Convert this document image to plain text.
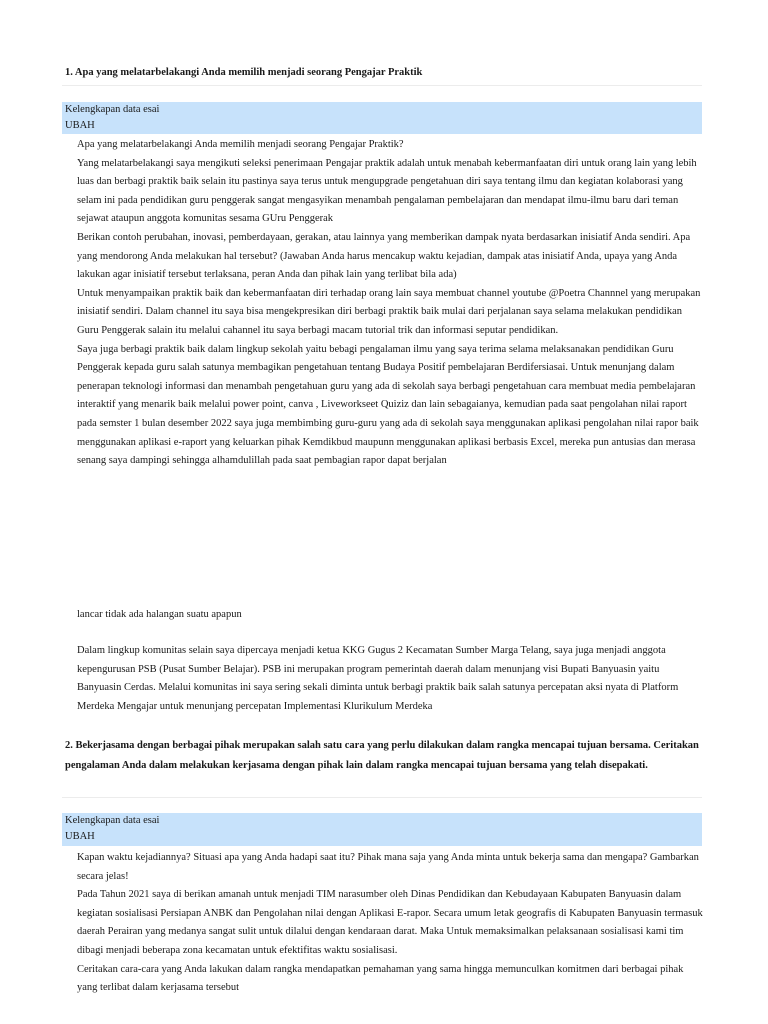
1. Apa yang melatarbelakangi Anda memilih menjadi seorang Pengajar Praktik
Kelengkapan data esai
UBAH

Apa yang melatarbelakangi Anda memilih menjadi seorang Pengajar Praktik?

Yang melatarbelakangi saya mengikuti seleksi penerimaan Pengajar praktik adalah untuk menabah kebermanfaatan diri untuk orang lain yang lebih luas dan berbagi praktik baik selain itu pastinya saya terus untuk mengupgrade pengetahuan diri saya tentang ilmu dan kegiatan kolaborasi yang selam ini pada pendidikan guru penggerak sangat mengasyikan menambah pengalaman pembelajaran dan mendapat ilmu-ilmu baru dari teman sejawat ataupun anggota komunitas sesama GUru Penggerak

Berikan contoh perubahan, inovasi, pemberdayaan, gerakan, atau lainnya yang memberikan dampak nyata berdasarkan inisiatif Anda sendiri. Apa yang mendorong Anda melakukan hal tersebut? (Jawaban Anda harus mencakup waktu kejadian, dampak atas inisiatif Anda, upaya yang Anda lakukan agar inisiatif tersebut terlaksana, peran Anda dan pihak lain yang terlibat bila ada)

Untuk menyampaikan praktik baik dan kebermanfaatan diri terhadap orang lain saya membuat channel youtube @Poetra Channnel yang merupakan inisiatif sendiri. Dalam channel itu saya bisa mengekpresikan diri berbagi praktik baik mulai dari perjalanan saya selama melakukan pendidikan Guru Penggerak salain itu melalui cahannel itu saya berbagi macam tutorial trik dan informasi seputar pendidikan.

Saya juga berbagi praktik baik dalam lingkup sekolah yaitu bebagi pengalaman ilmu yang saya terima selama melaksanakan pendidikan Guru Penggerak kepada guru salah satunya membagikan pengetahuan tentang Budaya Positif pembelajaran Berdifersiasai. Untuk menunjang dalam penerapan teknologi informasi dan menambah pengetahuan guru yang ada di sekolah saya berbagi pengetahuan cara membuat media pembelajaran interaktif yang menarik baik melalui power point, canva , Liveworkseet Quiziz dan lain sebagaianya, kemudian pada saat pengolahan nilai raport pada semster 1 bulan desember 2022 saya juga membimbing guru-guru yang ada di sekolah saya menggunakan aplikasi pengolahan nilai rapor baik menggunakan aplikasi e-raport yang keluarkan pihak Kemdikbud maupunn menggunakan aplikasi berbasis Excel, mereka pun antusias dan merasa senang saya dampingi sehingga alhamdulillah pada saat pembagian rapor dapat berjalan

lancar tidak ada halangan suatu apapun
Dalam lingkup komunitas selain saya dipercaya menjadi ketua KKG Gugus 2 Kecamatan Sumber Marga Telang, saya juga menjadi anggota kepengurusan PSB (Pusat Sumber Belajar). PSB ini merupakan program pemerintah daerah dalam menunjang visi Bupati Banyuasin yaitu Banyuasin Cerdas. Melalui komunitas ini saya sering sekali diminta untuk berbagi praktik baik salah satunya percepatan aksi nyata di Platform Merdeka Mengajar untuk menunjang percepatan Implementasi Klurikulum Merdeka
2. Bekerjasama dengan berbagai pihak merupakan salah satu cara yang perlu dilakukan dalam rangka mencapai tujuan bersama. Ceritakan pengalaman Anda dalam melakukan kerjasama dengan pihak lain dalam rangka mencapai tujuan bersama yang telah disepakati.
Kelengkapan data esai
UBAH

Kapan waktu kejadiannya? Situasi apa yang Anda hadapi saat itu? Pihak mana saja yang Anda minta untuk bekerja sama dan mengapa? Gambarkan secara jelas!

Pada Tahun 2021 saya di berikan amanah untuk menjadi TIM narasumber oleh Dinas Pendidikan dan Kebudayaan Kabupaten Banyuasin dalam kegiatan sosialisasi Persiapan ANBK dan Pengolahan nilai dengan Aplikasi E-rapor. Secara umum letak geografis di Kabupaten Banyuasin termasuk daerah Perairan yang medanya sangat sulit untuk dilalui dengan kendaraan darat. Maka Untuk memaksimalkan pelaksanaan sosialisasi kami tim dibagi menjadi beberapa zona kecamatan untuk efektifitas waktu sosialisasi.

Ceritakan cara-cara yang Anda lakukan dalam rangka mendapatkan pemahaman yang sama hingga memunculkan komitmen dari berbagai pihak yang terlibat dalam kerjasama tersebut
